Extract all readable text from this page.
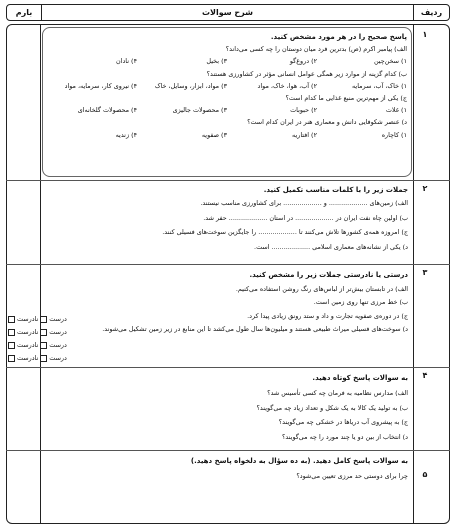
ردیف
شرح سوالات
بارم
۱
پاسخ صحیح را در هر مورد مشخص کنید.
الف) پیامبر اکرم (ص) بدترین فرد میان دوستان را چه کسی می‌داند؟
۱) سخن‌چین
۲) دروغ‌گو
۳) بخیل
۴) نادان
ب) کدام گزینه از موارد زیر همگی عوامل انسانی مؤثر در کشاورزی هستند؟
۱) خاک، آب، سرمایه
۲) آب، هوا، خاک، مواد
۳) مواد، ابزار، وسایل، خاک
۴) نیروی کار، سرمایه، مواد
ج) یکی از مهم‌ترین منبع غذایی ما کدام است؟
۱) غلات
۲) حبوبات
۳) محصولات جالیزی
۴) محصولات گلخانه‌ای
د) عنصر شکوفایی دانش و معماری هنر در ایران کدام است؟
۱) کاچاره
۲) افتاریه
۳) صفویه
۴) زندیه
۲
جملات زیر را با کلمات مناسب تکمیل کنید.
الف) زمین‌های ................... و ................... برای کشاورزی مناسب نیستند.
ب) اولین چاه نفت ایران در ................... در استان ................... حفر شد.
ج) امروزه همه‌ی کشورها تلاش می‌کنند تا ................... را جایگزین سوخت‌های فسیلی کنند.
د) یکی از نشانه‌های معماری اسلامی ................... است.
۳
درستی یا نادرستی جملات زیر را مشخص کنید.
الف) در تابستان بیش‌تر از لباس‌های رنگ روشن استفاده می‌کنیم.
ب) خط مرزی تنها روی زمین است.
ج) در دوره‌ی صفویه تجارت و داد و ستد رونق زیادی پیدا کرد.
د) سوخت‌های فسیلی میراث طبیعی هستند و میلیون‌ها سال طول می‌کشد تا این منابع در زیر زمین تشکیل می‌شوند.
درست
نادرست
درست
نادرست
درست
نادرست
درست
نادرست
۴
به سوالات پاسخ کوتاه دهید.
الف) مدارس نظامیه به فرمان چه کسی تأسیس شد؟
ب) به تولید یک کالا به یک شکل و تعداد زیاد چه می‌گویند؟
ج) به پیشروی آب دریاها در خشکی چه می‌گویند؟
د) انتخاب از بین دو یا چند مورد را چه می‌گویند؟
۵
به سوالات پاسخ کامل دهید. (به ده سؤال به دلخواه پاسخ دهید.)
چرا برای دوستی حد مرزی تعیین می‌شود؟
